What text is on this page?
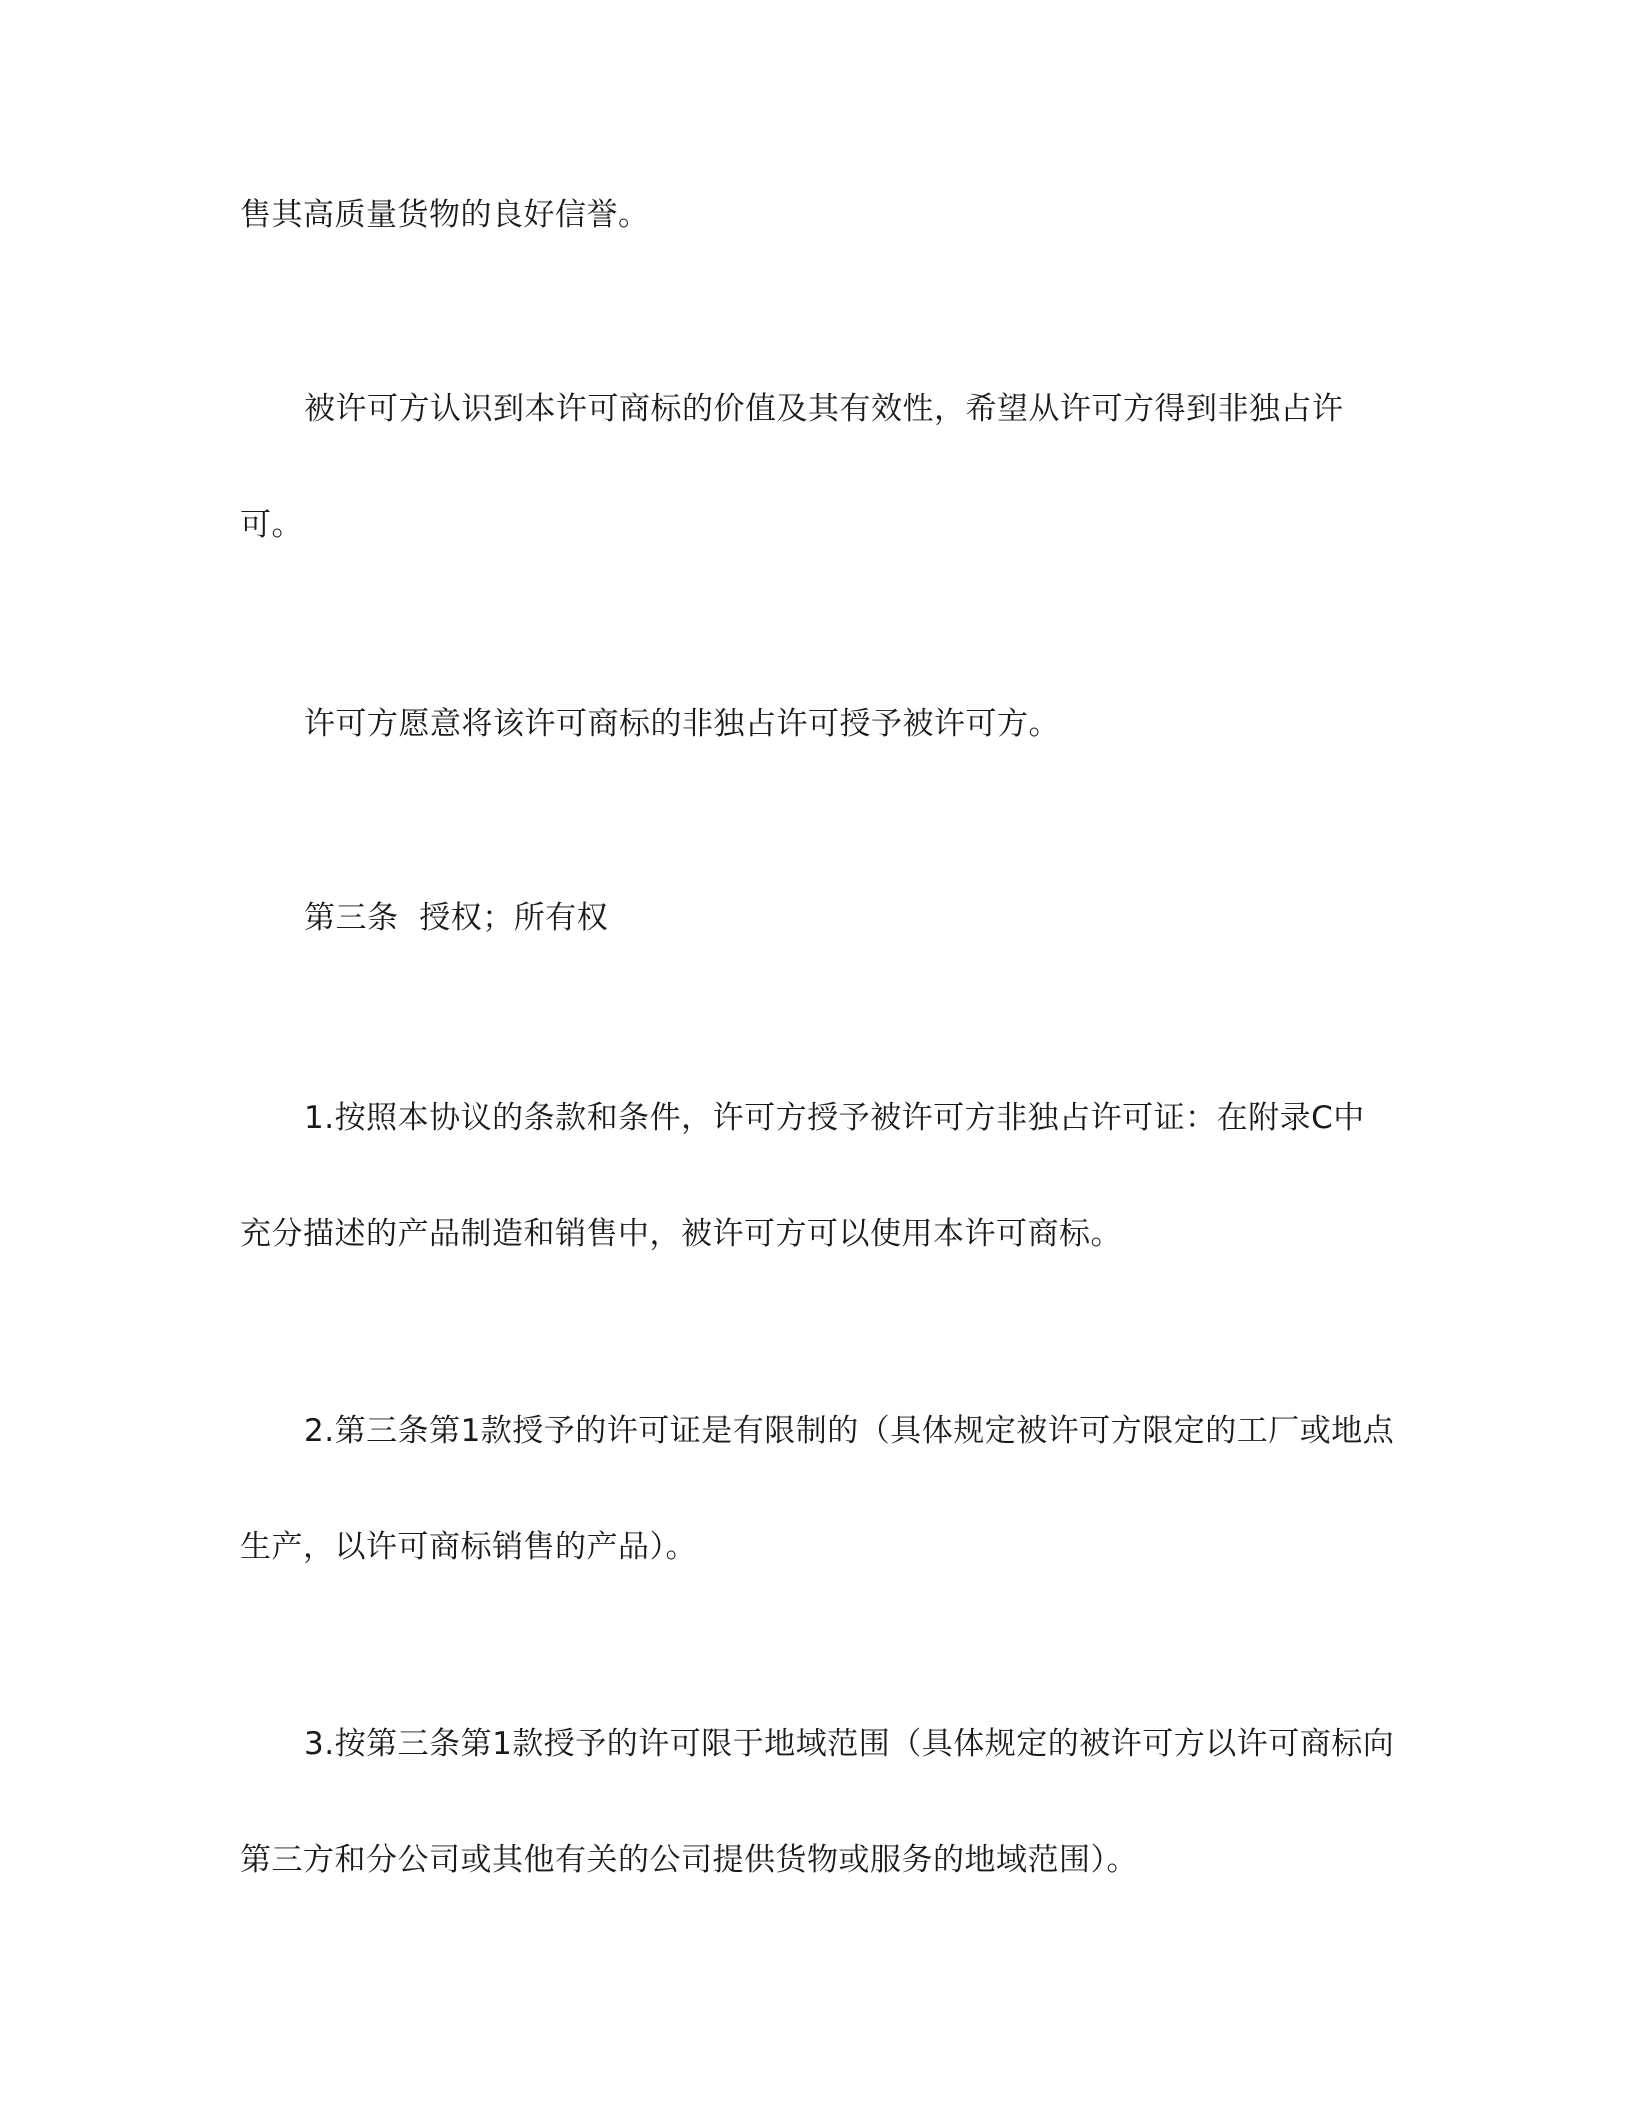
售其高质量货物的良好信誉。
被许可方认识到本许可商标的价值及其有效性，希望从许可方得到非独占许
可。
许可方愿意将该许可商标的非独占许可授予被许可方。
第三条  授权；所有权
1.按照本协议的条款和条件，许可方授予被许可方非独占许可证：在附录C中
充分描述的产品制造和销售中，被许可方可以使用本许可商标。
2.第三条第1款授予的许可证是有限制的（具体规定被许可方限定的工厂或地点
生产，以许可商标销售的产品）。
3.按第三条第1款授予的许可限于地域范围（具体规定的被许可方以许可商标向
第三方和分公司或其他有关的公司提供货物或服务的地域范围）。
